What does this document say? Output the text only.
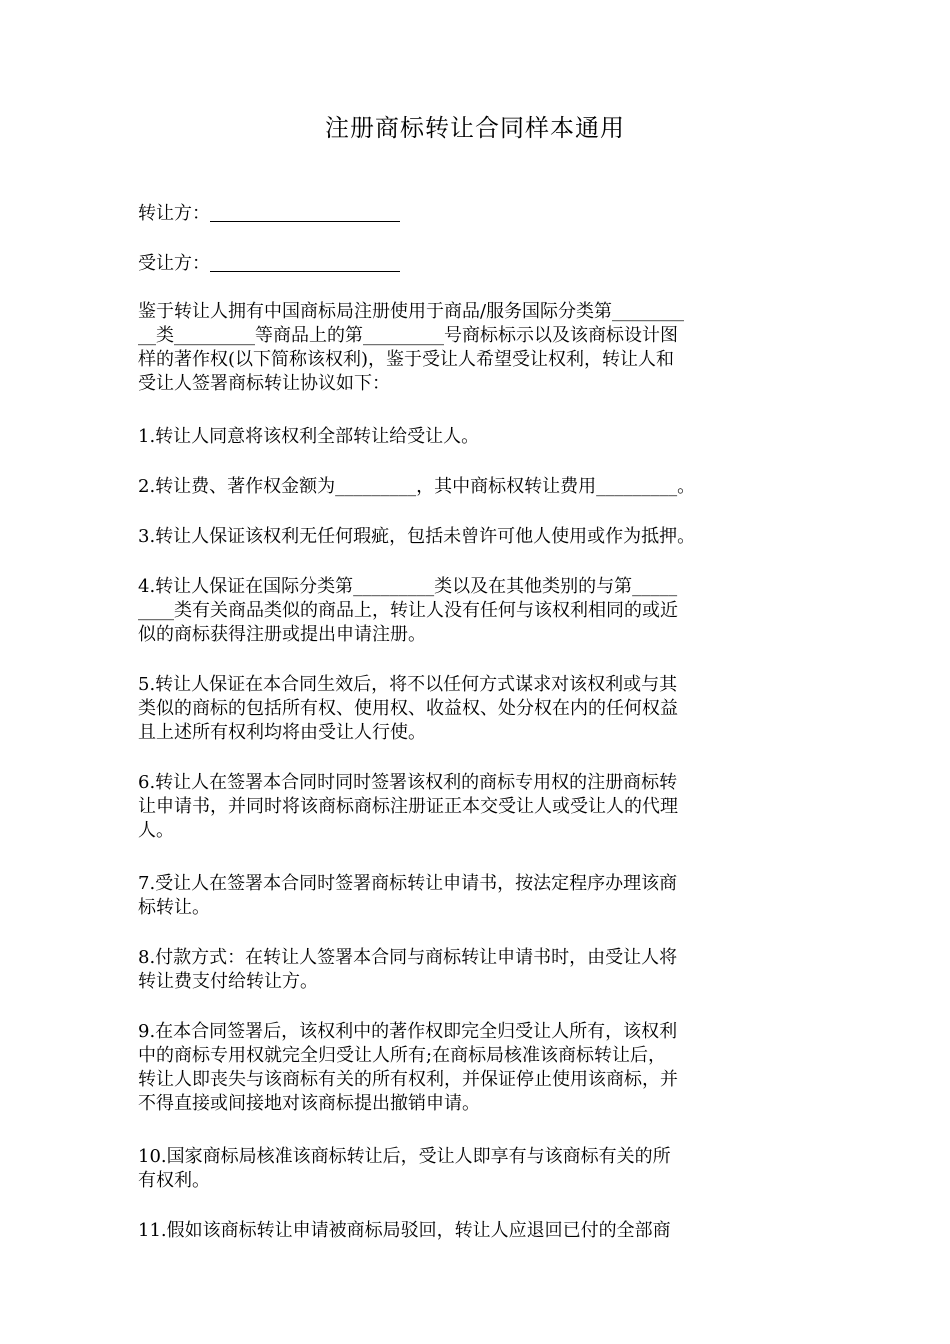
注册商标转让合同样本通用
转让方：
受让方：
鉴于转让人拥有中国商标局注册使用于商品/服务国际分类第________
__类_________等商品上的第_________号商标标示以及该商标设计图
样的著作权(以下简称该权利)，鉴于受让人希望受让权利，转让人和
受让人签署商标转让协议如下：
1.转让人同意将该权利全部转让给受让人。
2.转让费、著作权金额为_________，其中商标权转让费用_________。
3.转让人保证该权利无任何瑕疵，包括未曾许可他人使用或作为抵押。
4.转让人保证在国际分类第_________类以及在其他类别的与第_____
____类有关商品类似的商品上，转让人没有任何与该权利相同的或近
似的商标获得注册或提出申请注册。
5.转让人保证在本合同生效后，将不以任何方式谋求对该权利或与其
类似的商标的包括所有权、使用权、收益权、处分权在内的任何权益
且上述所有权利均将由受让人行使。
6.转让人在签署本合同时同时签署该权利的商标专用权的注册商标转
让申请书，并同时将该商标商标注册证正本交受让人或受让人的代理
人。
7.受让人在签署本合同时签署商标转让申请书，按法定程序办理该商
标转让。
8.付款方式：在转让人签署本合同与商标转让申请书时，由受让人将
转让费支付给转让方。
9.在本合同签署后，该权利中的著作权即完全归受让人所有，该权利
中的商标专用权就完全归受让人所有;在商标局核准该商标转让后，
转让人即丧失与该商标有关的所有权利，并保证停止使用该商标，并
不得直接或间接地对该商标提出撤销申请。
10.国家商标局核准该商标转让后，受让人即享有与该商标有关的所
有权利。
11.假如该商标转让申请被商标局驳回，转让人应退回已付的全部商
